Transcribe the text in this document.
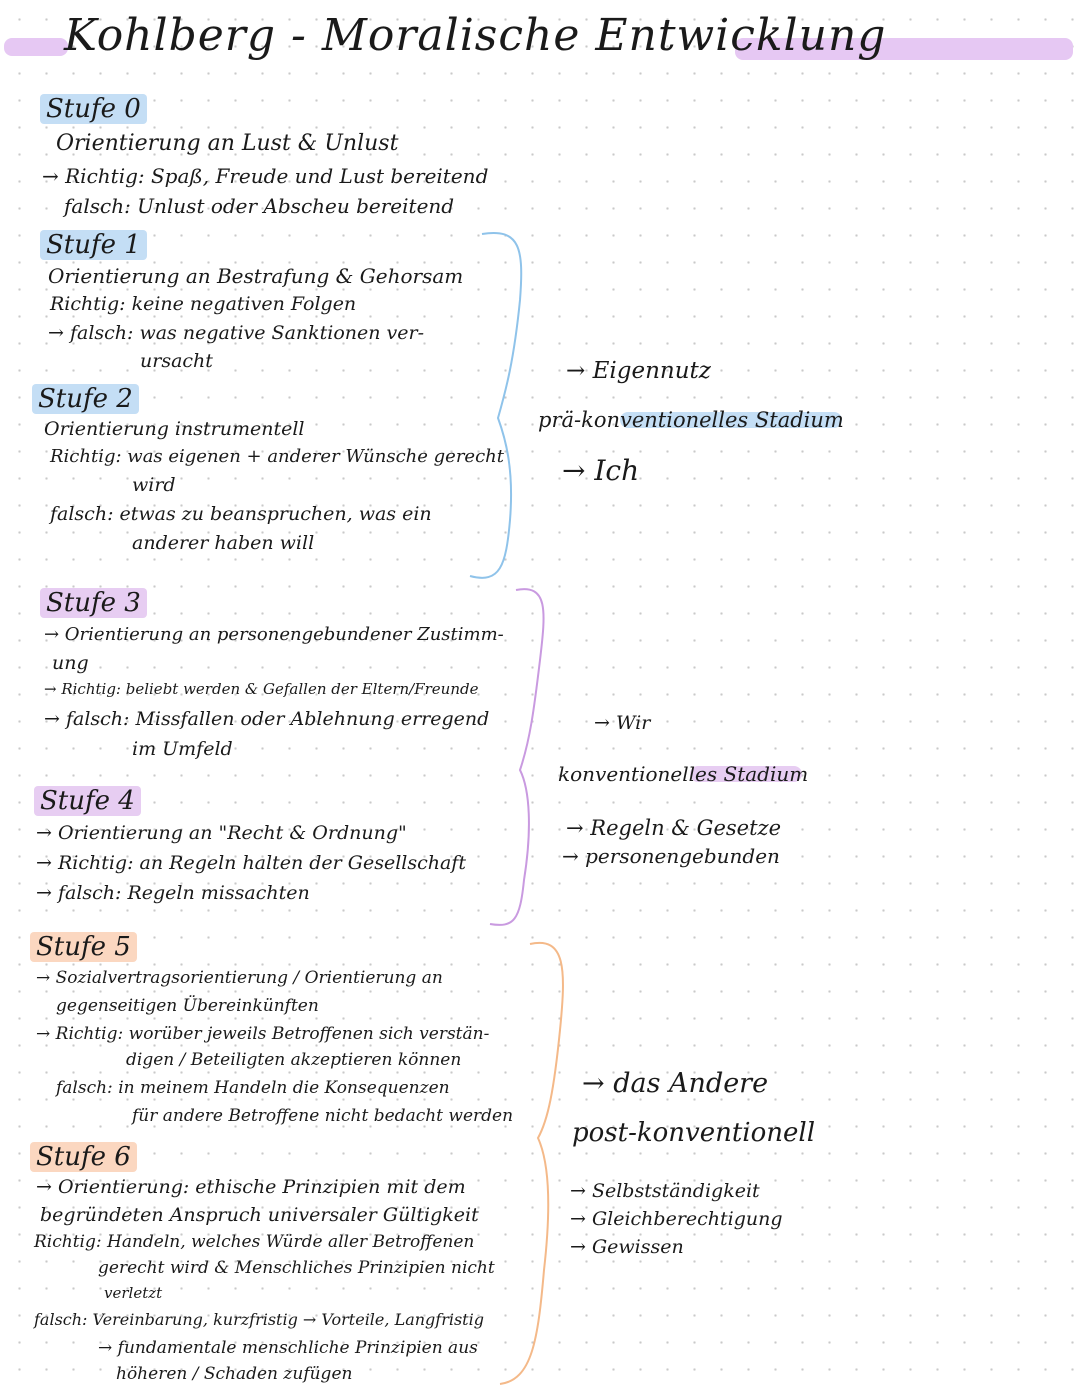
Kohlberg - Moralische Entwicklung
Stufe 0
Orientierung an Lust & Unlust
→ Richtig: Spaß, Freude und Lust bereitend
falsch: Unlust oder Abscheu bereitend
Stufe 1
Orientierung an Bestrafung & Gehorsam
Richtig: keine negativen Folgen
→ falsch: was negative Sanktionen ver-
ursacht
Stufe 2
Orientierung instrumentell
Richtig: was eigenen + anderer Wünsche gerecht
wird
falsch: etwas zu beanspruchen, was ein
anderer haben will
Stufe 3
→ Orientierung an personengebundener Zustimm-
ung
→ Richtig: beliebt werden & Gefallen der Eltern/Freunde
→ falsch: Missfallen oder Ablehnung erregend
im Umfeld
Stufe 4
→ Orientierung an "Recht & Ordnung"
→ Richtig: an Regeln halten der Gesellschaft
→ falsch: Regeln missachten
Stufe 5
→ Sozialvertragsorientierung / Orientierung an
gegenseitigen Übereinkünften
→ Richtig: worüber jeweils Betroffenen sich verstän-
digen / Beteiligten akzeptieren können
falsch: in meinem Handeln die Konsequenzen
für andere Betroffene nicht bedacht werden
Stufe 6
→ Orientierung: ethische Prinzipien mit dem
begründeten Anspruch universaler Gültigkeit
Richtig: Handeln, welches Würde aller Betroffenen
gerecht wird & Menschliches Prinzipien nicht
verletzt
falsch: Vereinbarung, kurzfristig → Vorteile, Langfristig
→ fundamentale menschliche Prinzipien aus
höheren / Schaden zufügen
→ Eigennutz
prä-konventionelles Stadium
→ Ich
→ Wir
konventionelles Stadium
→ Regeln & Gesetze
→ personengebunden
→ das Andere
post-konventionell
→ Selbstständigkeit
→ Gleichberechtigung
→ Gewissen
